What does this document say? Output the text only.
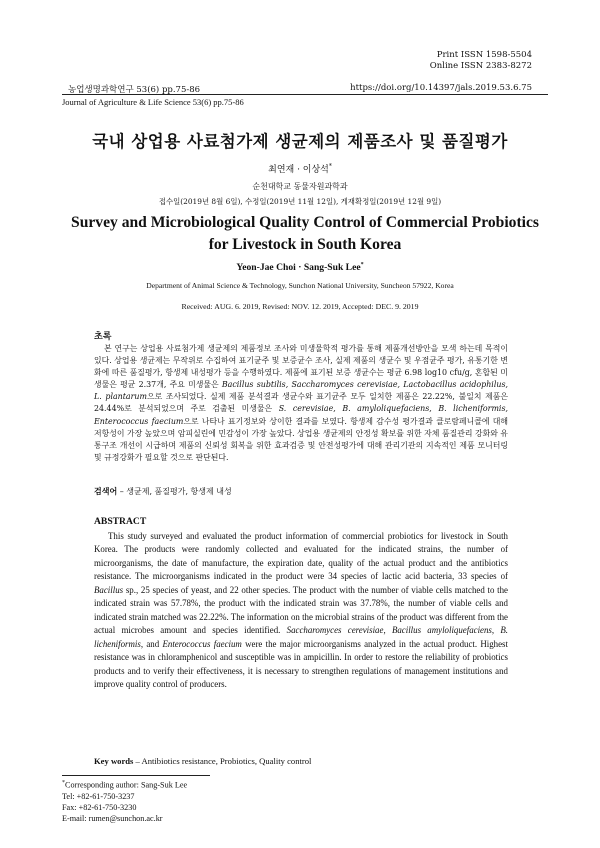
Print ISSN 1598-5504
Online ISSN 2383-8272
농업생명과학연구 53(6) pp.75-86	https://doi.org/10.14397/jals.2019.53.6.75
Journal of Agriculture & Life Science 53(6) pp.75-86
국내 상업용 사료첨가제 생균제의 제품조사 및 품질평가
최연재 · 이상석*
순천대학교 동물자원과학과
접수일(2019년 8월 6일), 수정일(2019년 11월 12일), 게재확정일(2019년 12월 9일)
Survey and Microbiological Quality Control of Commercial Probiotics for Livestock in South Korea
Yeon-Jae Choi · Sang-Suk Lee*
Department of Animal Science & Technology, Sunchon National University, Suncheon 57922, Korea
Received: AUG. 6. 2019, Revised: NOV. 12. 2019, Accepted: DEC. 9. 2019
초록
본 연구는 상업용 사료첨가제 생균제의 제품정보 조사와 미생물학적 평가를 통해 제품개선방안을 모색 하는데 목적이 있다. 상업용 생균제는 무작위로 수집하여 표기균주 및 보증균수 조사, 실제 제품의 생균수 및 우점균주 평가, 유통기한 변화에 따른 품질평가, 항생제 내성평가 등을 수행하였다. 제품에 표기된 보증 생균수는 평균 6.98 log10 cfu/g, 혼합된 미생물은 평균 2.37개, 주요 미생물은 Bacillus subtilis, Saccharomyces cerevisiae, Lactobacillus acidophilus, L. plantarum으로 조사되었다. 실제 제품 분석결과 생균수와 표기균주 모두 일치한 제품은 22.22%, 불일치 제품은 24.44%로 분석되었으며 주로 검출된 미생물은 S. cerevisiae, B. amyloliquefaciens, B. licheniformis, Enterococcus faecium으로 나타나 표기정보와 상이한 결과를 보였다. 항생제 감수성 평가결과 클로람페니콜에 대해 저항성이 가장 높았으며 암피실린에 민감성이 가장 높았다. 상업용 생균제의 안정성 확보를 위한 자체 품질관리 강화와 유통구조 개선이 시급하며 제품의 신뢰성 회복을 위한 효과검증 및 안전성평가에 대해 관리기관의 지속적인 제품 모니터링 및 규정강화가 필요할 것으로 판단된다.
검색어 – 생균제, 품질평가, 항생제 내성
ABSTRACT
This study surveyed and evaluated the product information of commercial probiotics for livestock in South Korea. The products were randomly collected and evaluated for the indicated strains, the number of microorganisms, the date of manufacture, the expiration date, quality of the actual product and the antibiotics resistance. The microorganisms indicated in the product were 34 species of lactic acid bacteria, 33 species of Bacillus sp., 25 species of yeast, and 22 other species. The product with the number of viable cells matched to the indicated strain was 57.78%, the product with the indicated strain was 37.78%, the number of viable cells and indicated strain matched was 22.22%. The information on the microbial strains of the product was different from the actual microbes amount and species identified. Saccharomyces cerevisiae, Bacillus amyloliquefaciens, B. licheniformis, and Enterococcus faecium were the major microorganisms analyzed in the actual product. Highest resistance was in chloramphenicol and susceptible was in ampicillin. In order to restore the reliability of probiotics products and to verify their effectiveness, it is necessary to strengthen regulations of management institutions and improve quality control of producers.
Key words – Antibiotics resistance, Probiotics, Quality control
*Corresponding author: Sang-Suk Lee
Tel: +82-61-750-3237
Fax: +82-61-750-3230
E-mail: rumen@sunchon.ac.kr
